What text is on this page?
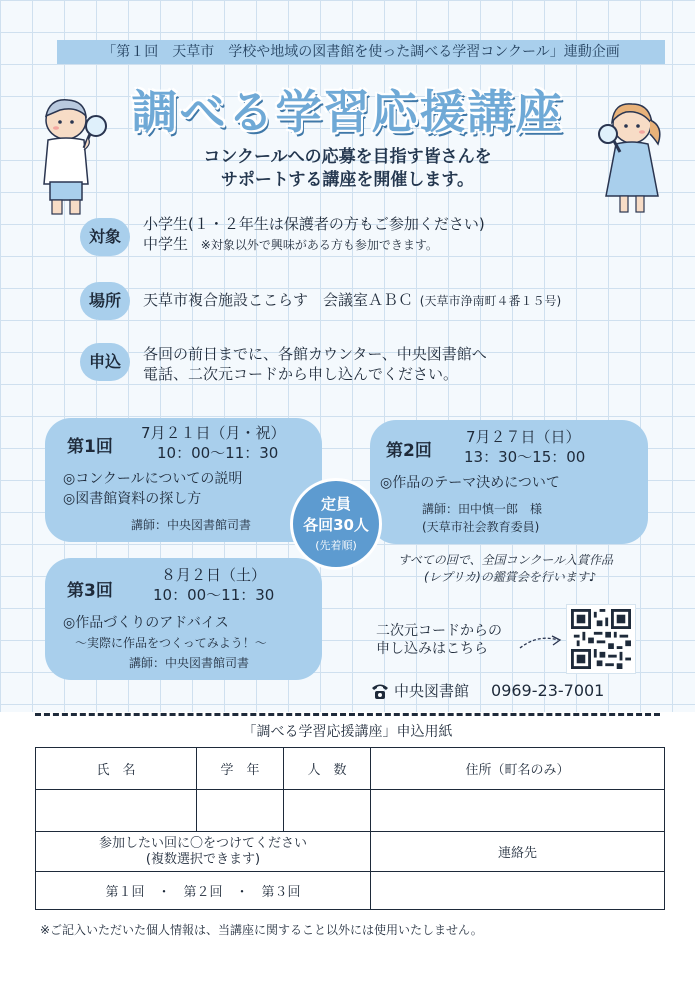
「第１回　天草市　学校や地域の図書館を使った調べる学習コンクール」連動企画
調べる学習応援講座
コンクールへの応募を目指す皆さんを
サポートする講座を開催します。
対象
小学生(１・２年生は保護者の方もご参加ください)
中学生 ※対象以外で興味がある方も参加できます。
場所	天草市複合施設ここらす　会議室ＡＢＣ (天草市浄南町４番１５号)
申込	各回の前日までに、各館カウンター、中央図書館へ
電話、二次元コードから申し込んでください。
第1回
7月２１日（月・祝）
10：00～11：30
◎コンクールについての説明
◎図書館資料の探し方
講師：中央図書館司書
第2回
7月２７日（日）
13：30～15：00
◎作品のテーマ決めについて
講師：田中慎一郎　様
(天草市社会教育委員)
第3回
８月２日（土）
10：00～11：30
◎作品づくりのアドバイス
～実際に作品をつくってみよう！～
講師：中央図書館司書
定員
各回30人
(先着順)
すべての回で、全国コンクール入賞作品
(レプリカ)の鑑賞会を行います♪
二次元コードからの
申し込みはこちら
中央図書館 0969-23-7001
「調べる学習応援講座」申込用紙
氏　名	学　年	人　数	住所（町名のみ）

参加したい回に〇をつけてください
(複数選択できます)			連絡先
第１回　・　第２回　・　第３回			
※ご記入いただいた個人情報は、当講座に関すること以外には使用いたしません。
